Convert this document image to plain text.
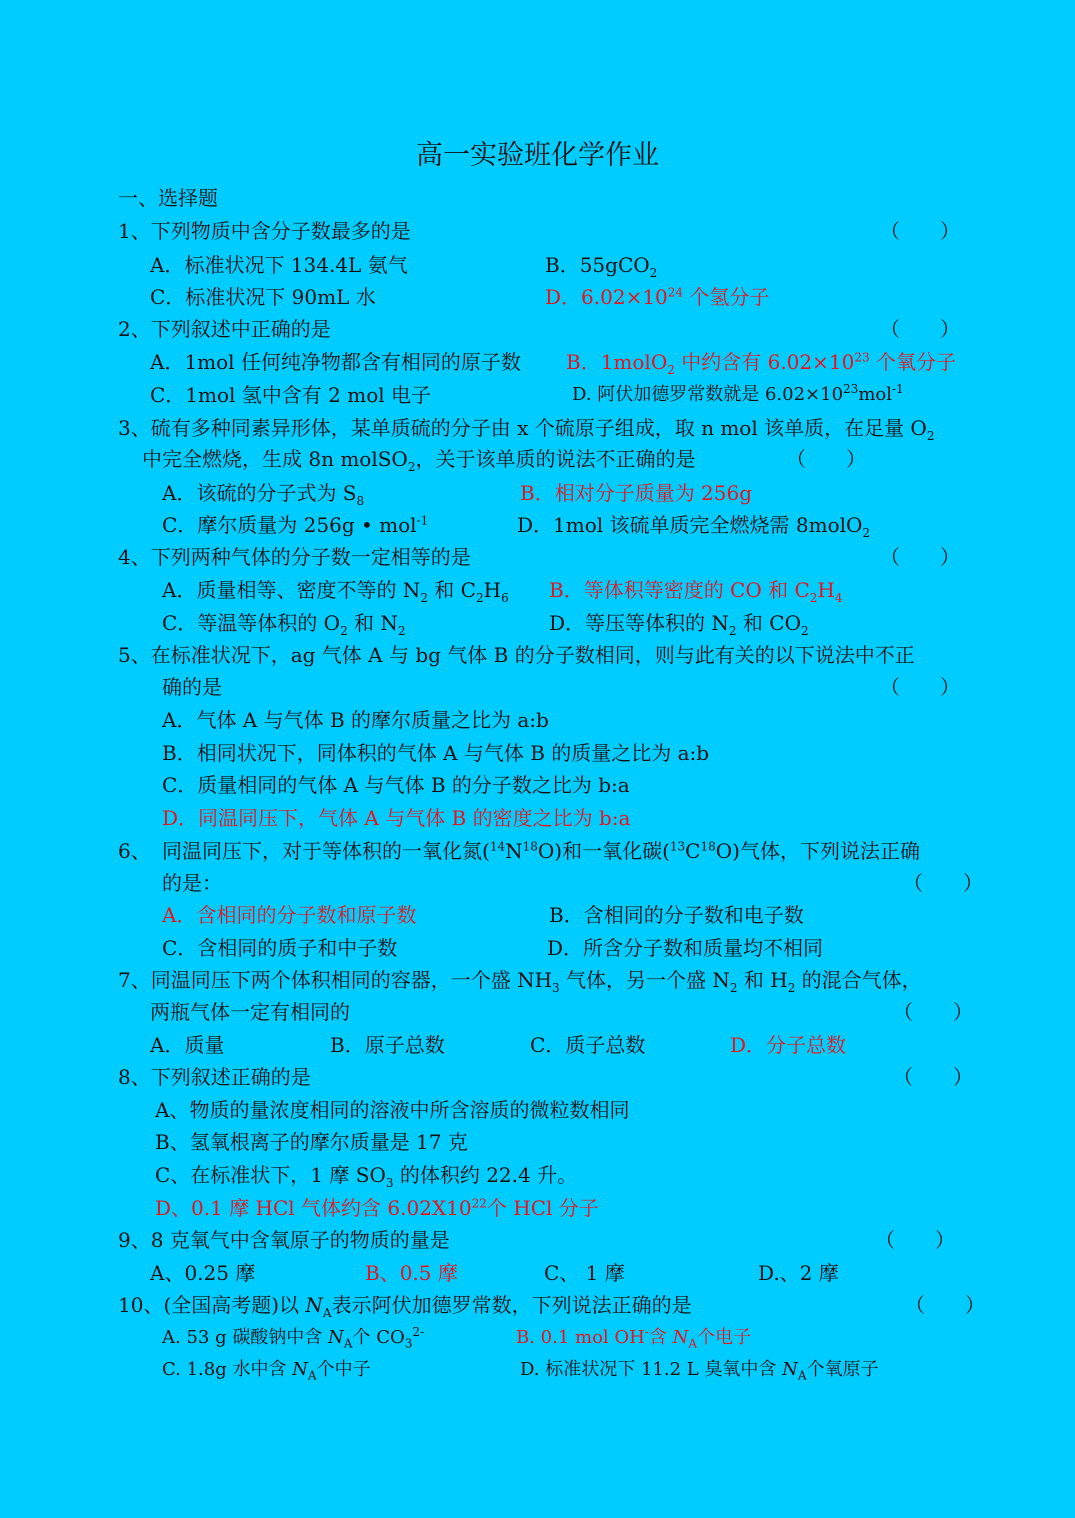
高一实验班化学作业
一、选择题
1、下列物质中含分子数最多的是	（　　）
A．标准状况下 134.4L 氨气	B．55gCO$_2$
C．标准状况下 90mL 水	D．$6.02\times 10^{24}$ 个氢分子
2、下列叙述中正确的是	（　　）
A．1mol 任何纯净物都含有相同的原子数 B．1molO$_2$ 中约含有 $6.02\times 10^{23}$ 个氧分子
C．1mol 氢中含有 2 mol 电子	D. 阿伏加德罗常数就是 $6.02\times 10^{23}mol^{-1}$
3、硫有多种同素异形体，某单质硫的分子由 x 个硫原子组成，取 n mol 该单质，在足量 $O_2$
中完全燃烧，生成 8n molSO$_2$，关于该单质的说法不正确的是	（　　）
A．该硫的分子式为 $S_8$	B．相对分子质量为 256g
C．摩尔质量为 256g • mol$^{-1}$	D．1mol 该硫单质完全燃烧需 8molO$_2$
4、下列两种气体的分子数一定相等的是	（　　）
A．质量相等、密度不等的 $N_2$ 和 $C_2H_6$ B．等体积等密度的 CO 和 $C_2H_4$
C．等温等体积的 $O_2$ 和 $N_2$	D．等压等体积的 $N_2$ 和 $CO_2$
5、在标准状况下，ag 气体 A 与 bg 气体 B 的分子数相同，则与此有关的以下说法中不正
确的是	（　　）
A．气体 A 与气体 B 的摩尔质量之比为 a:b
B．相同状况下，同体积的气体 A 与气体 B 的质量之比为 a:b
C．质量相同的气体 A 与气体 B 的分子数之比为 b:a
D．同温同压下，气体 A 与气体 B 的密度之比为 b:a
6、 同温同压下，对于等体积的一氧化氮$(^{14}N^{18}O)$和一氧化碳$(^{13}C^{18}O)$气体，下列说法正确
的是：	（　　）
A．含相同的分子数和原子数	B．含相同的分子数和电子数
C．含相同的质子和中子数	D．所含分子数和质量均不相同
7、同温同压下两个体积相同的容器，一个盛 $NH_3$ 气体，另一个盛 $N_2$ 和 $H_2$ 的混合气体，
两瓶气体一定有相同的	（　　）
A．质量	B．原子总数	C．质子总数	D．分子总数
8、下列叙述正确的是	（　　）
A、物质的量浓度相同的溶液中所含溶质的微粒数相同
B、氢氧根离子的摩尔质量是 17 克
C、在标准状下，1 摩 $SO_3$ 的体积约 22.4 升。
D、0.1 摩 HCl 气体约含 $6.02X10^{22}$个 HCl 分子
9、8 克氧气中含氧原子的物质的量是	（　　）
A、0.25 摩	B、0.5 摩	C、 1 摩	D.、2 摩
10、(全国高考题)以 $N_A$表示阿伏加德罗常数，下列说法正确的是	（　　）
A. 53 g 碳酸钠中含 $N_A$个 $CO_3^{2-}$	B. 0.1 mol OH-含 $N_A$个电子
C. 1.8g 水中含 $N_A$个中子	D. 标准状况下 11.2 L 臭氧中含 $N_A$个氧原子
